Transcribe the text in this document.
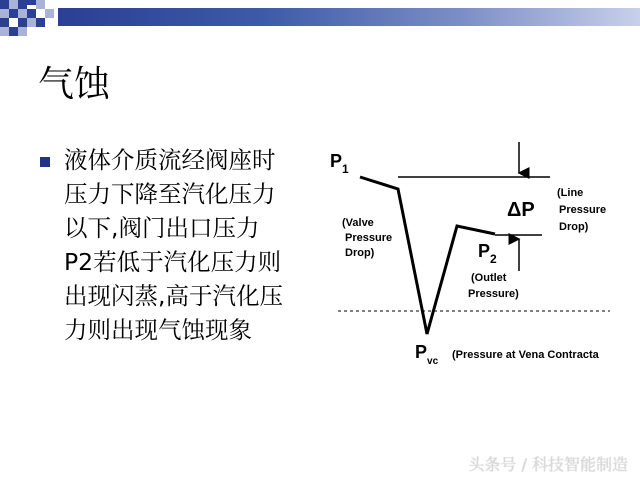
气蚀
液体介质流经阀座时
压力下降至汽化压力
以下,阀门出口压力
P2若低于汽化压力则
出现闪蒸,高于汽化压
力则出现气蚀现象
$P_1$
(Valve
Pressure
Drop)
ΔP
(Line
Pressure
Drop)
$P_2$
(Outlet
Pressure)
$P_{vc}$
(Pressure at Vena Contracta
头条号 / 科技智能制造
